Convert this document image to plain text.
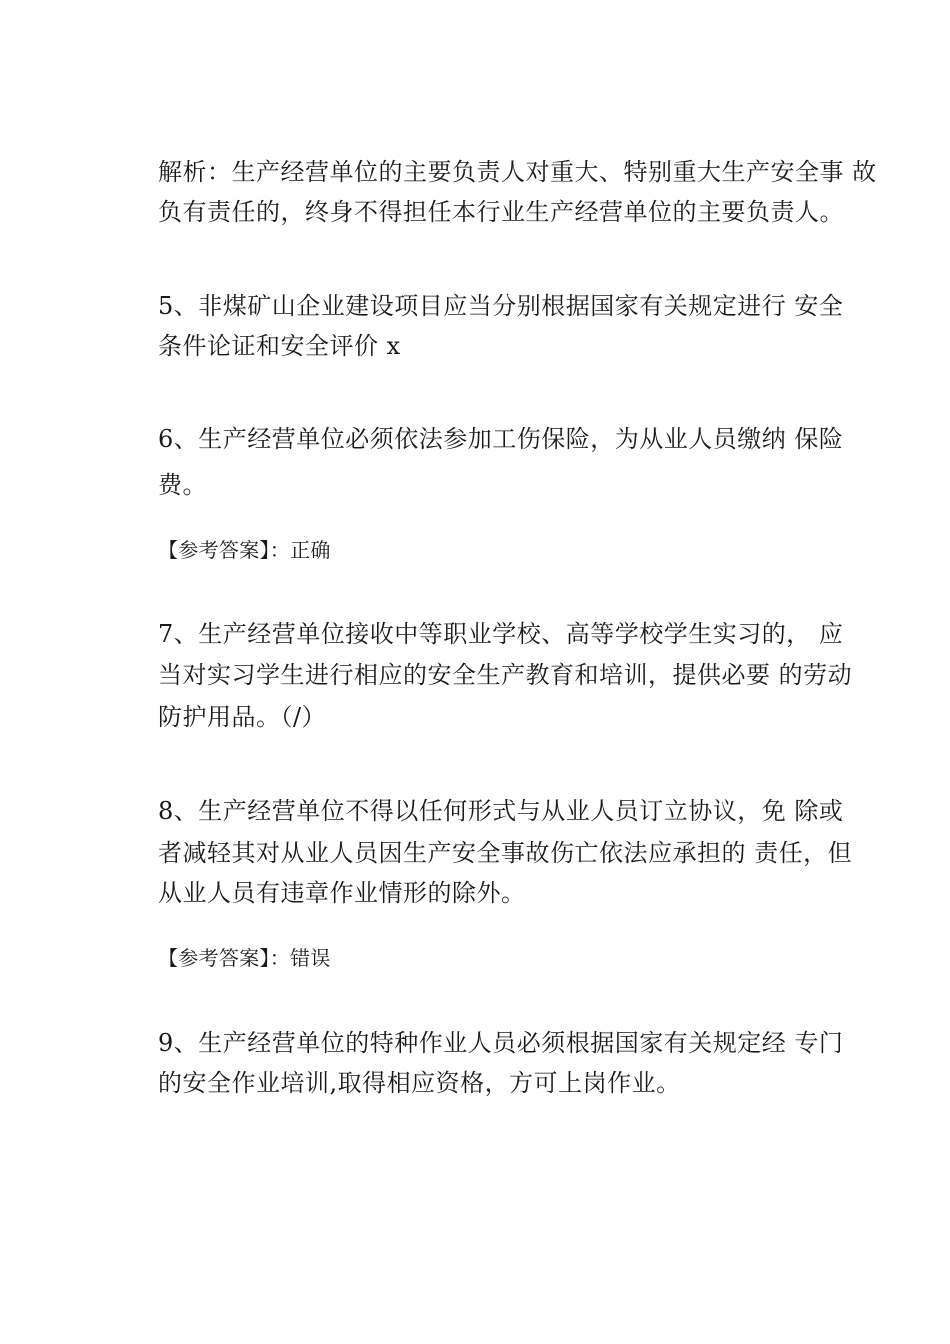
解析：生产经营单位的主要负责人对重大、特别重大生产安全事 故
负有责任的，终身不得担任本行业生产经营单位的主要负责人。
5、非煤矿山企业建设项目应当分别根据国家有关规定进行 安全
条件论证和安全评价 x
6、生产经营单位必须依法参加工伤保险，为从业人员缴纳 保险
费。
【参考答案】：正确
7、生产经营单位接收中等职业学校、高等学校学生实习的， 应
当对实习学生进行相应的安全生产教育和培训，提供必要 的劳动
防护用品。（/）
8、生产经营单位不得以任何形式与从业人员订立协议，免 除或
者减轻其对从业人员因生产安全事故伤亡依法应承担的 责任，但
从业人员有违章作业情形的除外。
【参考答案】：错误
9、生产经营单位的特种作业人员必须根据国家有关规定经 专门
的安全作业培训,取得相应资格，方可上岗作业。
